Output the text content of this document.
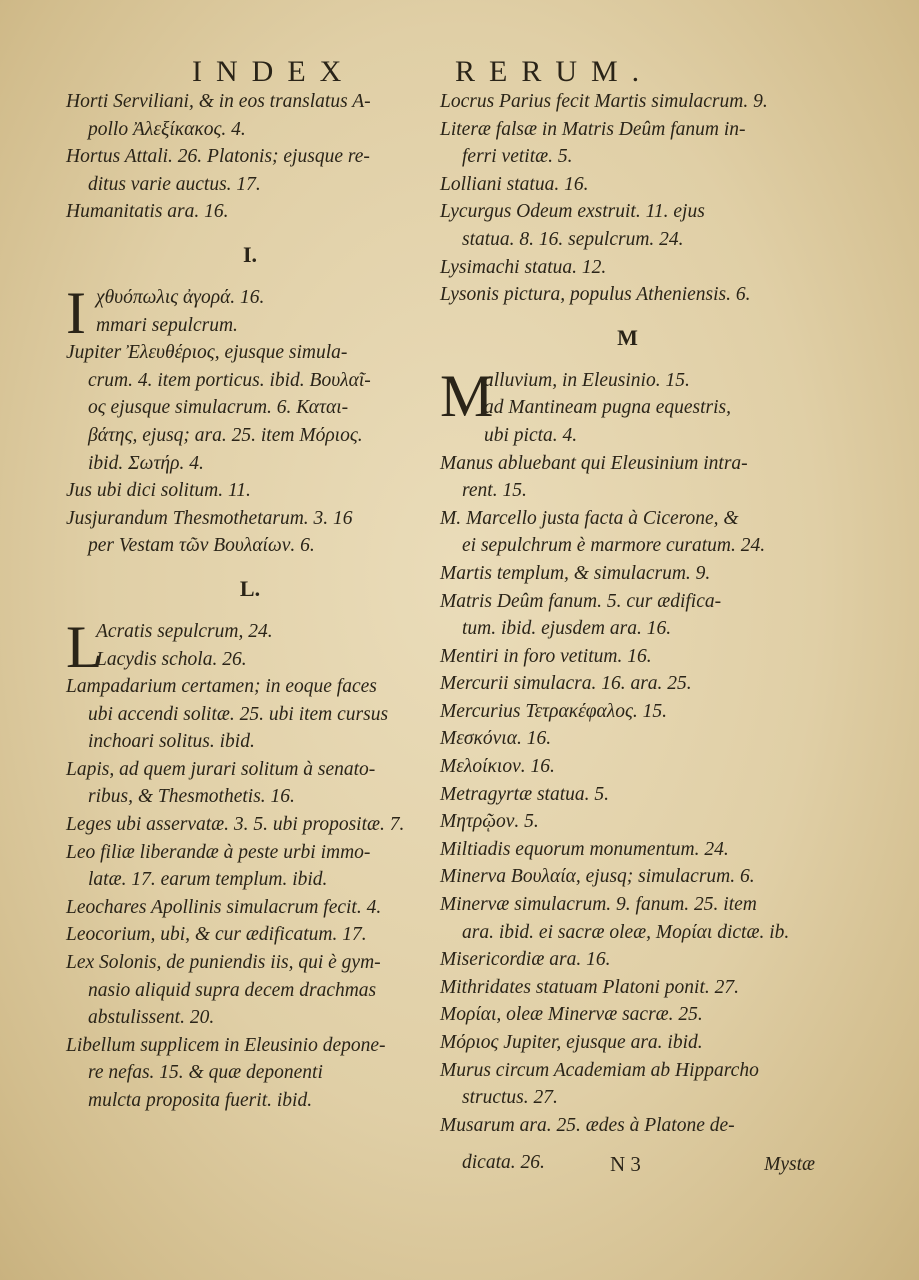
INDEX	RERUM.

Horti Serviliani, & in eos translatus A-
pollo Ἀλεξίκακος. 4.

Hortus Attali. 26. Platonis; ejusque re-
ditus varie auctus. 17.

Humanitatis ara. 16.

I.

I χθυόπωλις ἀγορά. 16.
mmari sepulcrum.

Jupiter Ἐλευθέριος, ejusque simula-
crum. 4. item porticus. ibid. Βουλαῖ-
ος ejusque simulacrum. 6. Καται-
βάτης, ejusq; ara. 25. item Μόριος.
ibid. Σωτήρ. 4.

Jus ubi dici solitum. 11.

Jusjurandum Thesmothetarum. 3. 16
per Vestam τῶν Βουλαίων. 6.

L.

L
Acratis sepulcrum, 24.
Lacydis schola. 26.

Lampadarium certamen; in eoque faces
ubi accendi solitæ. 25. ubi item cursus
inchoari solitus. ibid.

Lapis, ad quem jurari solitum à senato-
ribus, & Thesmothetis. 16.

Leges ubi asservatæ. 3. 5. ubi propositæ. 7.

Leo filiæ liberandæ à peste urbi immo-
latæ. 17. earum templum. ibid.

Leochares Apollinis simulacrum fecit. 4.

Leocorium, ubi, & cur ædificatum. 17.

Lex Solonis, de puniendis iis, qui è gym-
nasio aliquid supra decem drachmas
abstulissent. 20.

Libellum supplicem in Eleusinio depone-
re nefas. 15. & quæ deponenti
mulcta proposita fuerit. ibid.

Locrus Parius fecit Martis simulacrum. 9.

Literæ falsæ in Matris Deûm fanum in-
ferri vetitæ. 5.

Lolliani statua. 16.

Lycurgus Odeum exstruit. 11. ejus
statua. 8. 16. sepulcrum. 24.

Lysimachi statua. 12.

Lysonis pictura, populus Atheniensis. 6.

M

M
alluvium, in Eleusinio. 15.
ad Mantineam pugna equestris,
ubi picta. 4.

Manus abluebant qui Eleusinium intra-
rent. 15.

M. Marcello justa facta à Cicerone, &
ei sepulchrum è marmore curatum. 24.

Martis templum, & simulacrum. 9.

Matris Deûm fanum. 5. cur ædifica-
tum. ibid. ejusdem ara. 16.

Mentiri in foro vetitum. 16.

Mercurii simulacra. 16. ara. 25.

Mercurius Τετρακέφαλος. 15.

Μεσκόνια. 16.

Μελοίκιον. 16.

Metragyrtæ statua. 5.

Μητρῷον. 5.

Miltiadis equorum monumentum. 24.

Minerva Βουλαία, ejusq; simulacrum. 6.

Minervæ simulacrum. 9. fanum. 25. item
ara. ibid. ei sacræ oleæ, Μορίαι dictæ. ib.

Misericordiæ ara. 16.

Mithridates statuam Platoni ponit. 27.

Μορίαι, oleæ Minervæ sacræ. 25.

Μόριος Jupiter, ejusque ara. ibid.

Murus circum Academiam ab Hipparcho
structus. 27.

Musarum ara. 25. ædes à Platone de-

dicata. 26.	N 3	Mystæ
